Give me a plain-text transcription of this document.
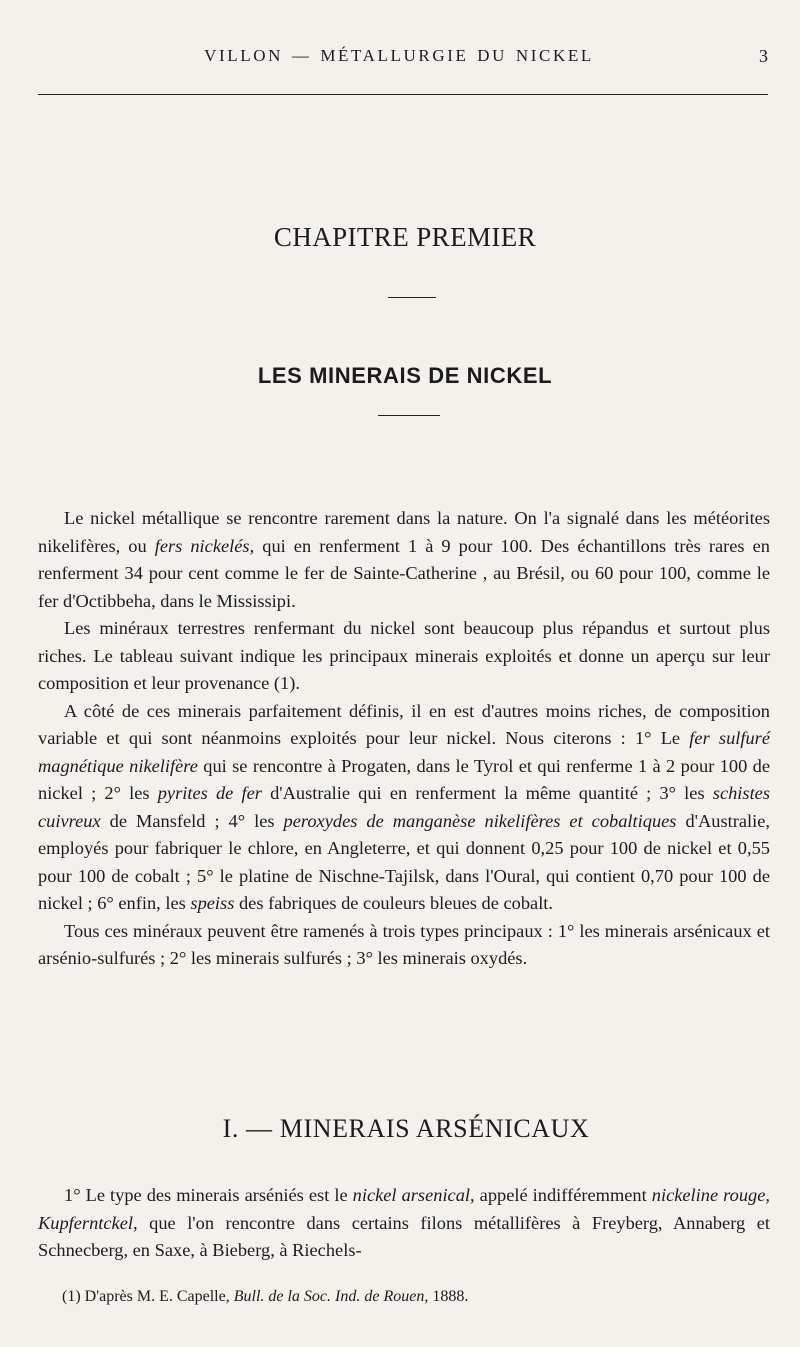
VILLON — MÉTALLURGIE DU NICKEL	3
CHAPITRE PREMIER
LES MINERAIS DE NICKEL

Le nickel métallique se rencontre rarement dans la nature. On l'a signalé dans les météorites nikelifères, ou fers nickelés, qui en renferment 1 à 9 pour 100. Des échantillons très rares en renferment 34 pour cent comme le fer de Sainte-Catherine , au Brésil, ou 60 pour 100, comme le fer d'Octibbeha, dans le Mississipi.

Les minéraux terrestres renfermant du nickel sont beaucoup plus répandus et surtout plus riches. Le tableau suivant indique les principaux minerais exploités et donne un aperçu sur leur composition et leur provenance (1).

A côté de ces minerais parfaitement définis, il en est d'autres moins riches, de composition variable et qui sont néanmoins exploités pour leur nickel. Nous citerons : 1° Le fer sulfuré magnétique nikelifère qui se rencontre à Progaten, dans le Tyrol et qui renferme 1 à 2 pour 100 de nickel ; 2° les pyrites de fer d'Australie qui en renferment la même quantité ; 3° les schistes cuivreux de Mansfeld ; 4° les peroxydes de manganèse nikelifères et cobaltiques d'Australie, employés pour fabriquer le chlore, en Angleterre, et qui donnent 0,25 pour 100 de nickel et 0,55 pour 100 de cobalt ; 5° le platine de Nischne-Tajilsk, dans l'Oural, qui contient 0,70 pour 100 de nickel ; 6° enfin, les speiss des fabriques de couleurs bleues de cobalt.

Tous ces minéraux peuvent être ramenés à trois types principaux : 1° les minerais arsénicaux et arsénio-sulfurés ; 2° les minerais sulfurés ; 3° les minerais oxydés.

I. — MINERAIS ARSÉNICAUX

1° Le type des minerais arséniés est le nickel arsenical, appelé indifféremment nickeline rouge, Kupferntckel, que l'on rencontre dans certains filons métallifères à Freyberg, Annaberg et Schnecberg, en Saxe, à Bieberg, à Riechels-

(1) D'après M. E. Capelle, Bull. de la Soc. Ind. de Rouen, 1888.
